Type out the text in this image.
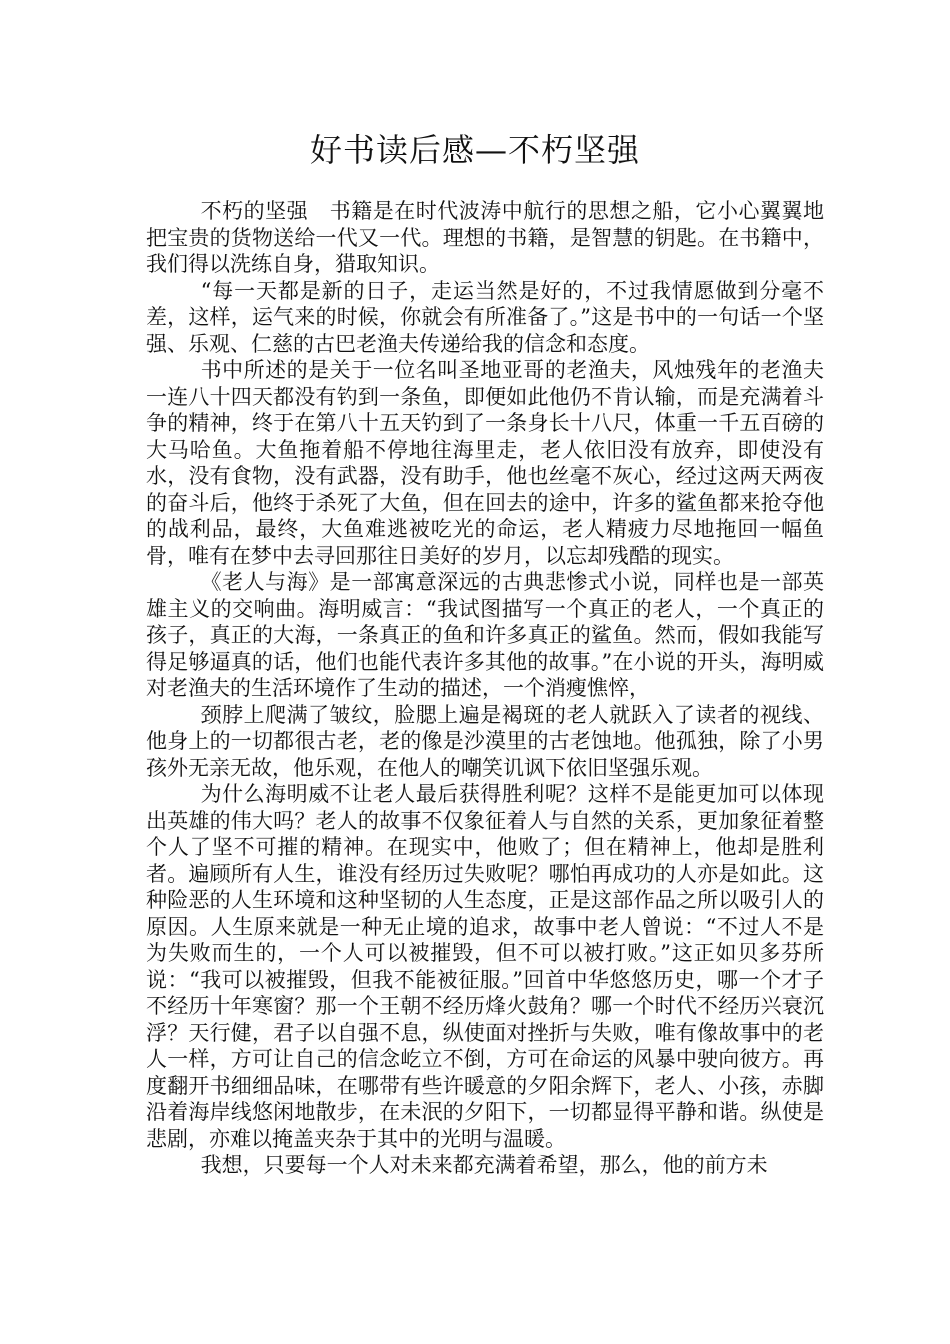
好书读后感—不朽坚强

不朽的坚强　书籍是在时代波涛中航行的思想之船，它小心翼翼地把宝贵的货物送给一代又一代。理想的书籍，是智慧的钥匙。在书籍中，我们得以洗练自身，猎取知识。

“每一天都是新的日子，走运当然是好的，不过我情愿做到分毫不差，这样，运气来的时候，你就会有所准备了。”这是书中的一句话一个坚强、乐观、仁慈的古巴老渔夫传递给我的信念和态度。

书中所述的是关于一位名叫圣地亚哥的老渔夫，风烛残年的老渔夫一连八十四天都没有钓到一条鱼，即便如此他仍不肯认输，而是充满着斗争的精神，终于在第八十五天钓到了一条身长十八尺，体重一千五百磅的大马哈鱼。大鱼拖着船不停地往海里走，老人依旧没有放弃，即使没有水，没有食物，没有武器，没有助手，他也丝毫不灰心，经过这两天两夜的奋斗后，他终于杀死了大鱼，但在回去的途中，许多的鲨鱼都来抢夺他的战利品，最终，大鱼难逃被吃光的命运，老人精疲力尽地拖回一幅鱼骨，唯有在梦中去寻回那往日美好的岁月，以忘却残酷的现实。

《老人与海》是一部寓意深远的古典悲惨式小说，同样也是一部英雄主义的交响曲。海明威言：“我试图描写一个真正的老人，一个真正的孩子，真正的大海，一条真正的鱼和许多真正的鲨鱼。然而，假如我能写得足够逼真的话，他们也能代表许多其他的故事。”在小说的开头，海明威对老渔夫的生活环境作了生动的描述，一个消瘦憔悴，

颈脖上爬满了皱纹，脸腮上遍是褐斑的老人就跃入了读者的视线、他身上的一切都很古老，老的像是沙漠里的古老蚀地。他孤独，除了小男孩外无亲无故，他乐观，在他人的嘲笑讥讽下依旧坚强乐观。

为什么海明威不让老人最后获得胜利呢？这样不是能更加可以体现出英雄的伟大吗？老人的故事不仅象征着人与自然的关系，更加象征着整个人了坚不可摧的精神。在现实中，他败了；但在精神上，他却是胜利者。遍顾所有人生，谁没有经历过失败呢？哪怕再成功的人亦是如此。这种险恶的人生环境和这种坚韧的人生态度，正是这部作品之所以吸引人的原因。人生原来就是一种无止境的追求，故事中老人曾说：“不过人不是为失败而生的，一个人可以被摧毁，但不可以被打败。”这正如贝多芬所说：“我可以被摧毁，但我不能被征服。”回首中华悠悠历史，哪一个才子不经历十年寒窗？那一个王朝不经历烽火鼓角？哪一个时代不经历兴衰沉浮？天行健，君子以自强不息，纵使面对挫折与失败，唯有像故事中的老人一样，方可让自己的信念屹立不倒，方可在命运的风暴中驶向彼方。再度翻开书细细品味，在哪带有些许暖意的夕阳余辉下，老人、小孩，赤脚沿着海岸线悠闲地散步，在未泯的夕阳下，一切都显得平静和谐。纵使是悲剧，亦难以掩盖夹杂于其中的光明与温暖。

我想，只要每一个人对未来都充满着希望，那么，他的前方未
